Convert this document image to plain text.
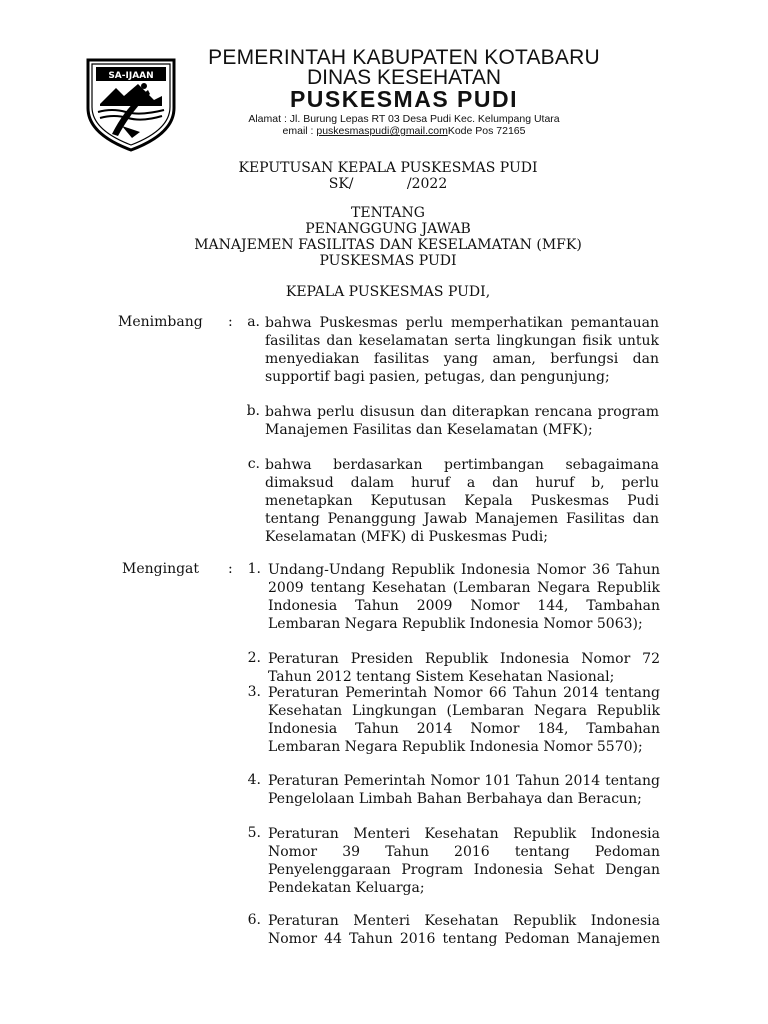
SA-IJAAN
PEMERINTAH KABUPATEN KOTABARU
DINAS KESEHATAN
PUSKESMAS PUDI
Alamat : Jl. Burung Lepas RT 03 Desa Pudi Kec. Kelumpang Utara
email : puskesmaspudi@gmail.comKode Pos 72165
KEPUTUSAN KEPALA PUSKESMAS PUDI
SK/            /2022
TENTANG
PENANGGUNG JAWAB
MANAJEMEN FASILITAS DAN KESELAMATAN (MFK)
PUSKESMAS PUDI
KEPALA PUSKESMAS PUDI,
Menimbang :	a. bahwa Puskesmas perlu memperhatikan pemantauan fasilitas dan keselamatan serta lingkungan fisik untuk menyediakan fasilitas yang aman, berfungsi dan supportif bagi pasien, petugas, dan pengunjung;
b. bahwa perlu disusun dan diterapkan rencana program Manajemen Fasilitas dan Keselamatan (MFK);
c. bahwa berdasarkan pertimbangan sebagaimana dimaksud dalam huruf a dan huruf b, perlu menetapkan Keputusan Kepala Puskesmas Pudi tentang Penanggung Jawab Manajemen Fasilitas dan Keselamatan (MFK) di Puskesmas Pudi;
Mengingat :	1. Undang-Undang Republik Indonesia Nomor 36 Tahun 2009 tentang Kesehatan (Lembaran Negara Republik Indonesia Tahun 2009 Nomor 144, Tambahan Lembaran Negara Republik Indonesia Nomor 5063);
2. Peraturan Presiden Republik Indonesia Nomor 72 Tahun 2012 tentang Sistem Kesehatan Nasional;
3. Peraturan Pemerintah Nomor 66 Tahun 2014 tentang Kesehatan Lingkungan (Lembaran Negara Republik Indonesia Tahun 2014 Nomor 184, Tambahan Lembaran Negara Republik Indonesia Nomor 5570);
4. Peraturan Pemerintah Nomor 101 Tahun 2014 tentang Pengelolaan Limbah Bahan Berbahaya dan Beracun;
5. Peraturan Menteri Kesehatan Republik Indonesia Nomor 39 Tahun 2016 tentang Pedoman Penyelenggaraan Program Indonesia Sehat Dengan Pendekatan Keluarga;
6. Peraturan Menteri Kesehatan Republik Indonesia Nomor 44 Tahun 2016 tentang Pedoman Manajemen
